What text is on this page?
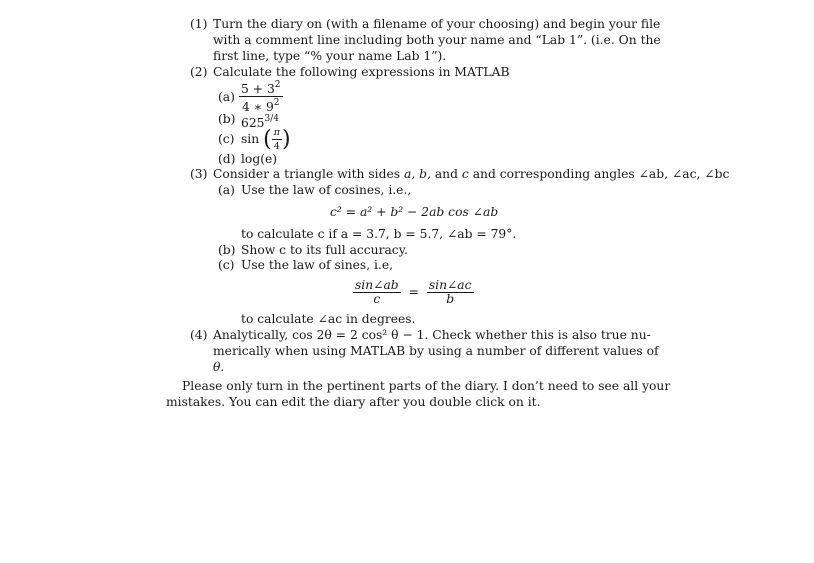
(1) Turn the diary on (with a filename of your choosing) and begin your file
with a comment line including both your name and “Lab 1”. (i.e. On the
first line, type “% your name Lab 1”).
(2) Calculate the following expressions in MATLAB
$(a) \frac{5 + 3^2}{4 ∗ 9^2}$
(b) $625^{3/4}$
(c) sin ( $\frac{\pi}{4}$ )
(d) log(e)
(3) Consider a triangle with sides a, b, and c and corresponding angles ∠ab, ∠ac, ∠bc
(a) Use the law of cosines, i.e.,
c² = a² + b² − 2ab cos ∠ab
to calculate c if a = 3.7, b = 5.7, ∠ab = 79°.
(b) Show c to its full accuracy.
(c) Use the law of sines, i.e,
$\frac{\sin\angle ab}{c} = \frac{\sin\angle ac}{b}$
to calculate ∠ac in degrees.
(4) Analytically, cos 2θ = 2 cos² θ − 1. Check whether this is also true nu-
merically when using MATLAB by using a number of different values of
θ.
Please only turn in the pertinent parts of the diary. I don’t need to see all your
mistakes. You can edit the diary after you double click on it.
